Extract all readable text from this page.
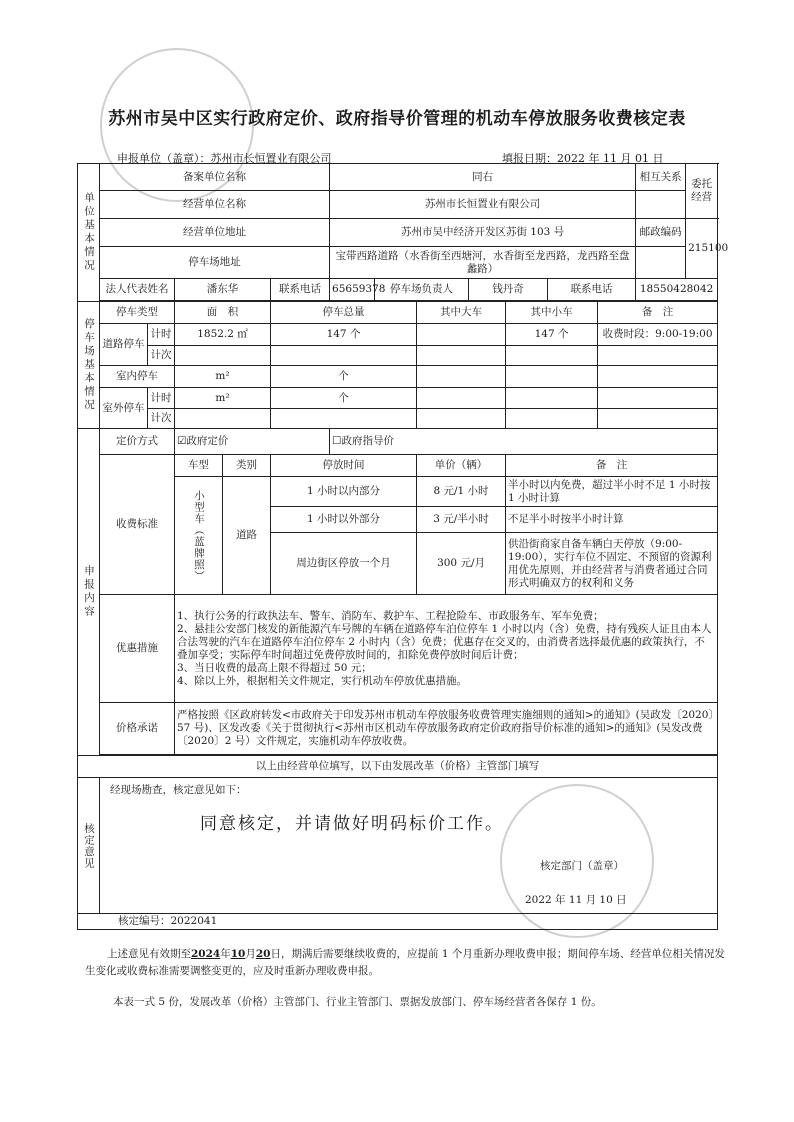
苏州市吴中区实行政府定价、政府指导价管理的机动车停放服务收费核定表
申报单位（盖章）：苏州市长恒置业有限公司	填报日期：2022 年 11 月 01 日
单位基本情况	备案单位名称					同右							相互关系	委托经营
	经营单位名称					苏州市长恒置业有限公司								
	经营单位地址					苏州市吴中经济开发区苏街 103 号							邮政编码	215100
	停车场地址					宝带西路道路（水香街至西塘河，水香街至龙西路，龙西路至盘蠡路）								
	法人代表姓名		潘东华		联系电话	65659378	停车场负责人		钱丹奇		联系电话		18550428042	

停车场基本情况	停车类型		面　积		停车总量			其中大车		其中小车		备　注		
	道路停车	计时	1852.2 ㎡		147 个					147 个		收费时段：9:00-19:00		
		计次												
	室内停车		m²		个									
	室外停车	计时	m²		个									
		计次												
申报内容	定价方式		☑政府定价			☐政府指导价								
	收费标准		车型	类别	停放时间			单价（辆）		备　注				
			小型车（蓝牌照）	道路	1 小时以内部分			8 元/1 小时		半小时以内免费，超过半小时不足 1 小时按 1 小时计算				
					1 小时以外部分			3 元/半小时		不足半小时按半小时计算				
					周边街区停放一个月			300 元/月		供沿街商家自备车辆白天停放（9:00-19:00），实行车位不固定、不预留的资源利用优先原则，并由经营者与消费者通过合同形式明确双方的权利和义务				
	优惠措施		1、执行公务的行政执法车、警车、消防车、救护车、工程抢险车、市政服务车、军车免费；
2、悬挂公安部门核发的新能源汽车号牌的车辆在道路停车泊位停车 1 小时以内（含）免费，持有残疾人证且由本人合法驾驶的汽车在道路停车泊位停车 2 小时内（含）免费；优惠存在交叉的，由消费者选择最优惠的政策执行，不叠加享受；实际停车时间超过免费停放时间的，扣除免费停放时间后计费；
3、当日收费的最高上限不得超过 50 元；
4、除以上外，根据相关文件规定，实行机动车停放优惠措施。											

	价格承诺		严格按照《区政府转发<市政府关于印发苏州市机动车停放服务收费管理实施细则的通知>的通知》(吴政发〔2020〕57 号)、区发改委《关于贯彻执行<苏州市区机动车停放服务政府定价政府指导价标准的通知>的通知》(吴发改费〔2020〕2 号）文件规定，实施机动车停放收费。											

以上由经营单位填写，以下由发展改革（价格）主管部门填写														
核定意见	经现场勘查，核定意见如下：
同意核定，并请做好明码标价工作。
核定部门（盖章）
2022 年 11 月 10 日													

核定编号：2022041														
上述意见有效期至2024年10月20日，期满后需要继续收费的，应提前 1 个月重新办理收费申报；期间停车场、经营单位相关情况发生变化或收费标准需要调整变更的，应及时重新办理收费申报。
本表一式 5 份，发展改革（价格）主管部门、行业主管部门、票据发放部门、停车场经营者各保存 1 份。
